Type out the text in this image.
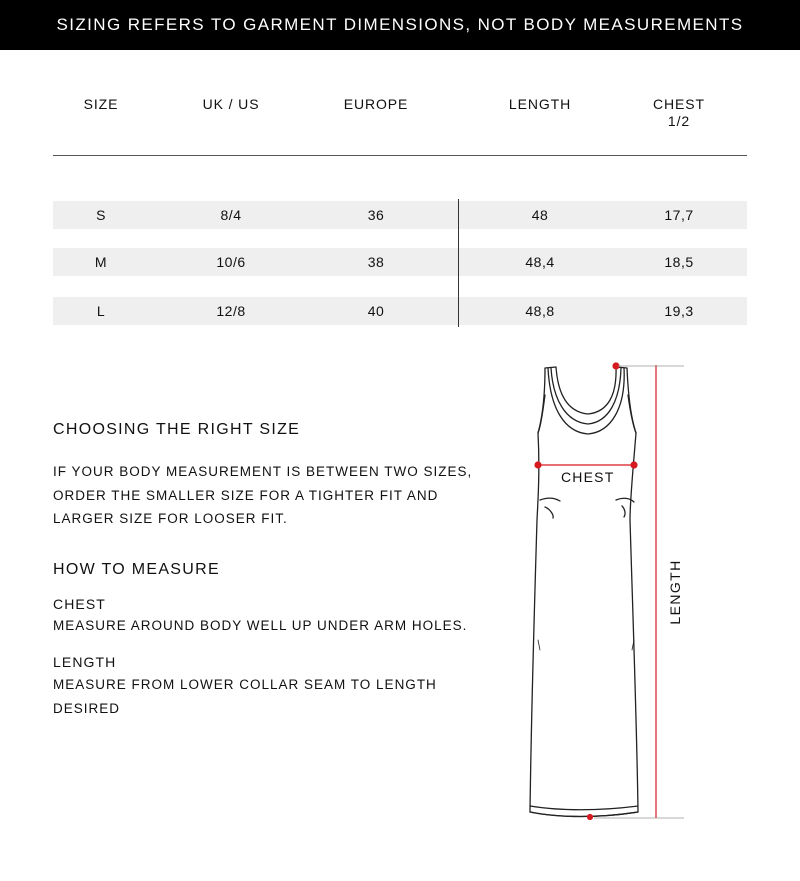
SIZING REFERS TO GARMENT DIMENSIONS, NOT BODY MEASUREMENTS
SIZE	UK / US	EUROPE	LENGTH	CHEST
1/2
S	8/4	36	48	17,7
M	10/6	38	48,4	18,5
L	12/8	40	48,8	19,3
CHOOSING THE RIGHT SIZE
IF YOUR BODY MEASUREMENT IS BETWEEN TWO SIZES,
ORDER THE SMALLER SIZE FOR A TIGHTER FIT AND
LARGER SIZE FOR LOOSER FIT.
HOW TO MEASURE
CHEST
MEASURE AROUND BODY WELL UP UNDER ARM HOLES.
LENGTH
MEASURE FROM LOWER COLLAR SEAM TO LENGTH
DESIRED
CHEST
LENGTH
